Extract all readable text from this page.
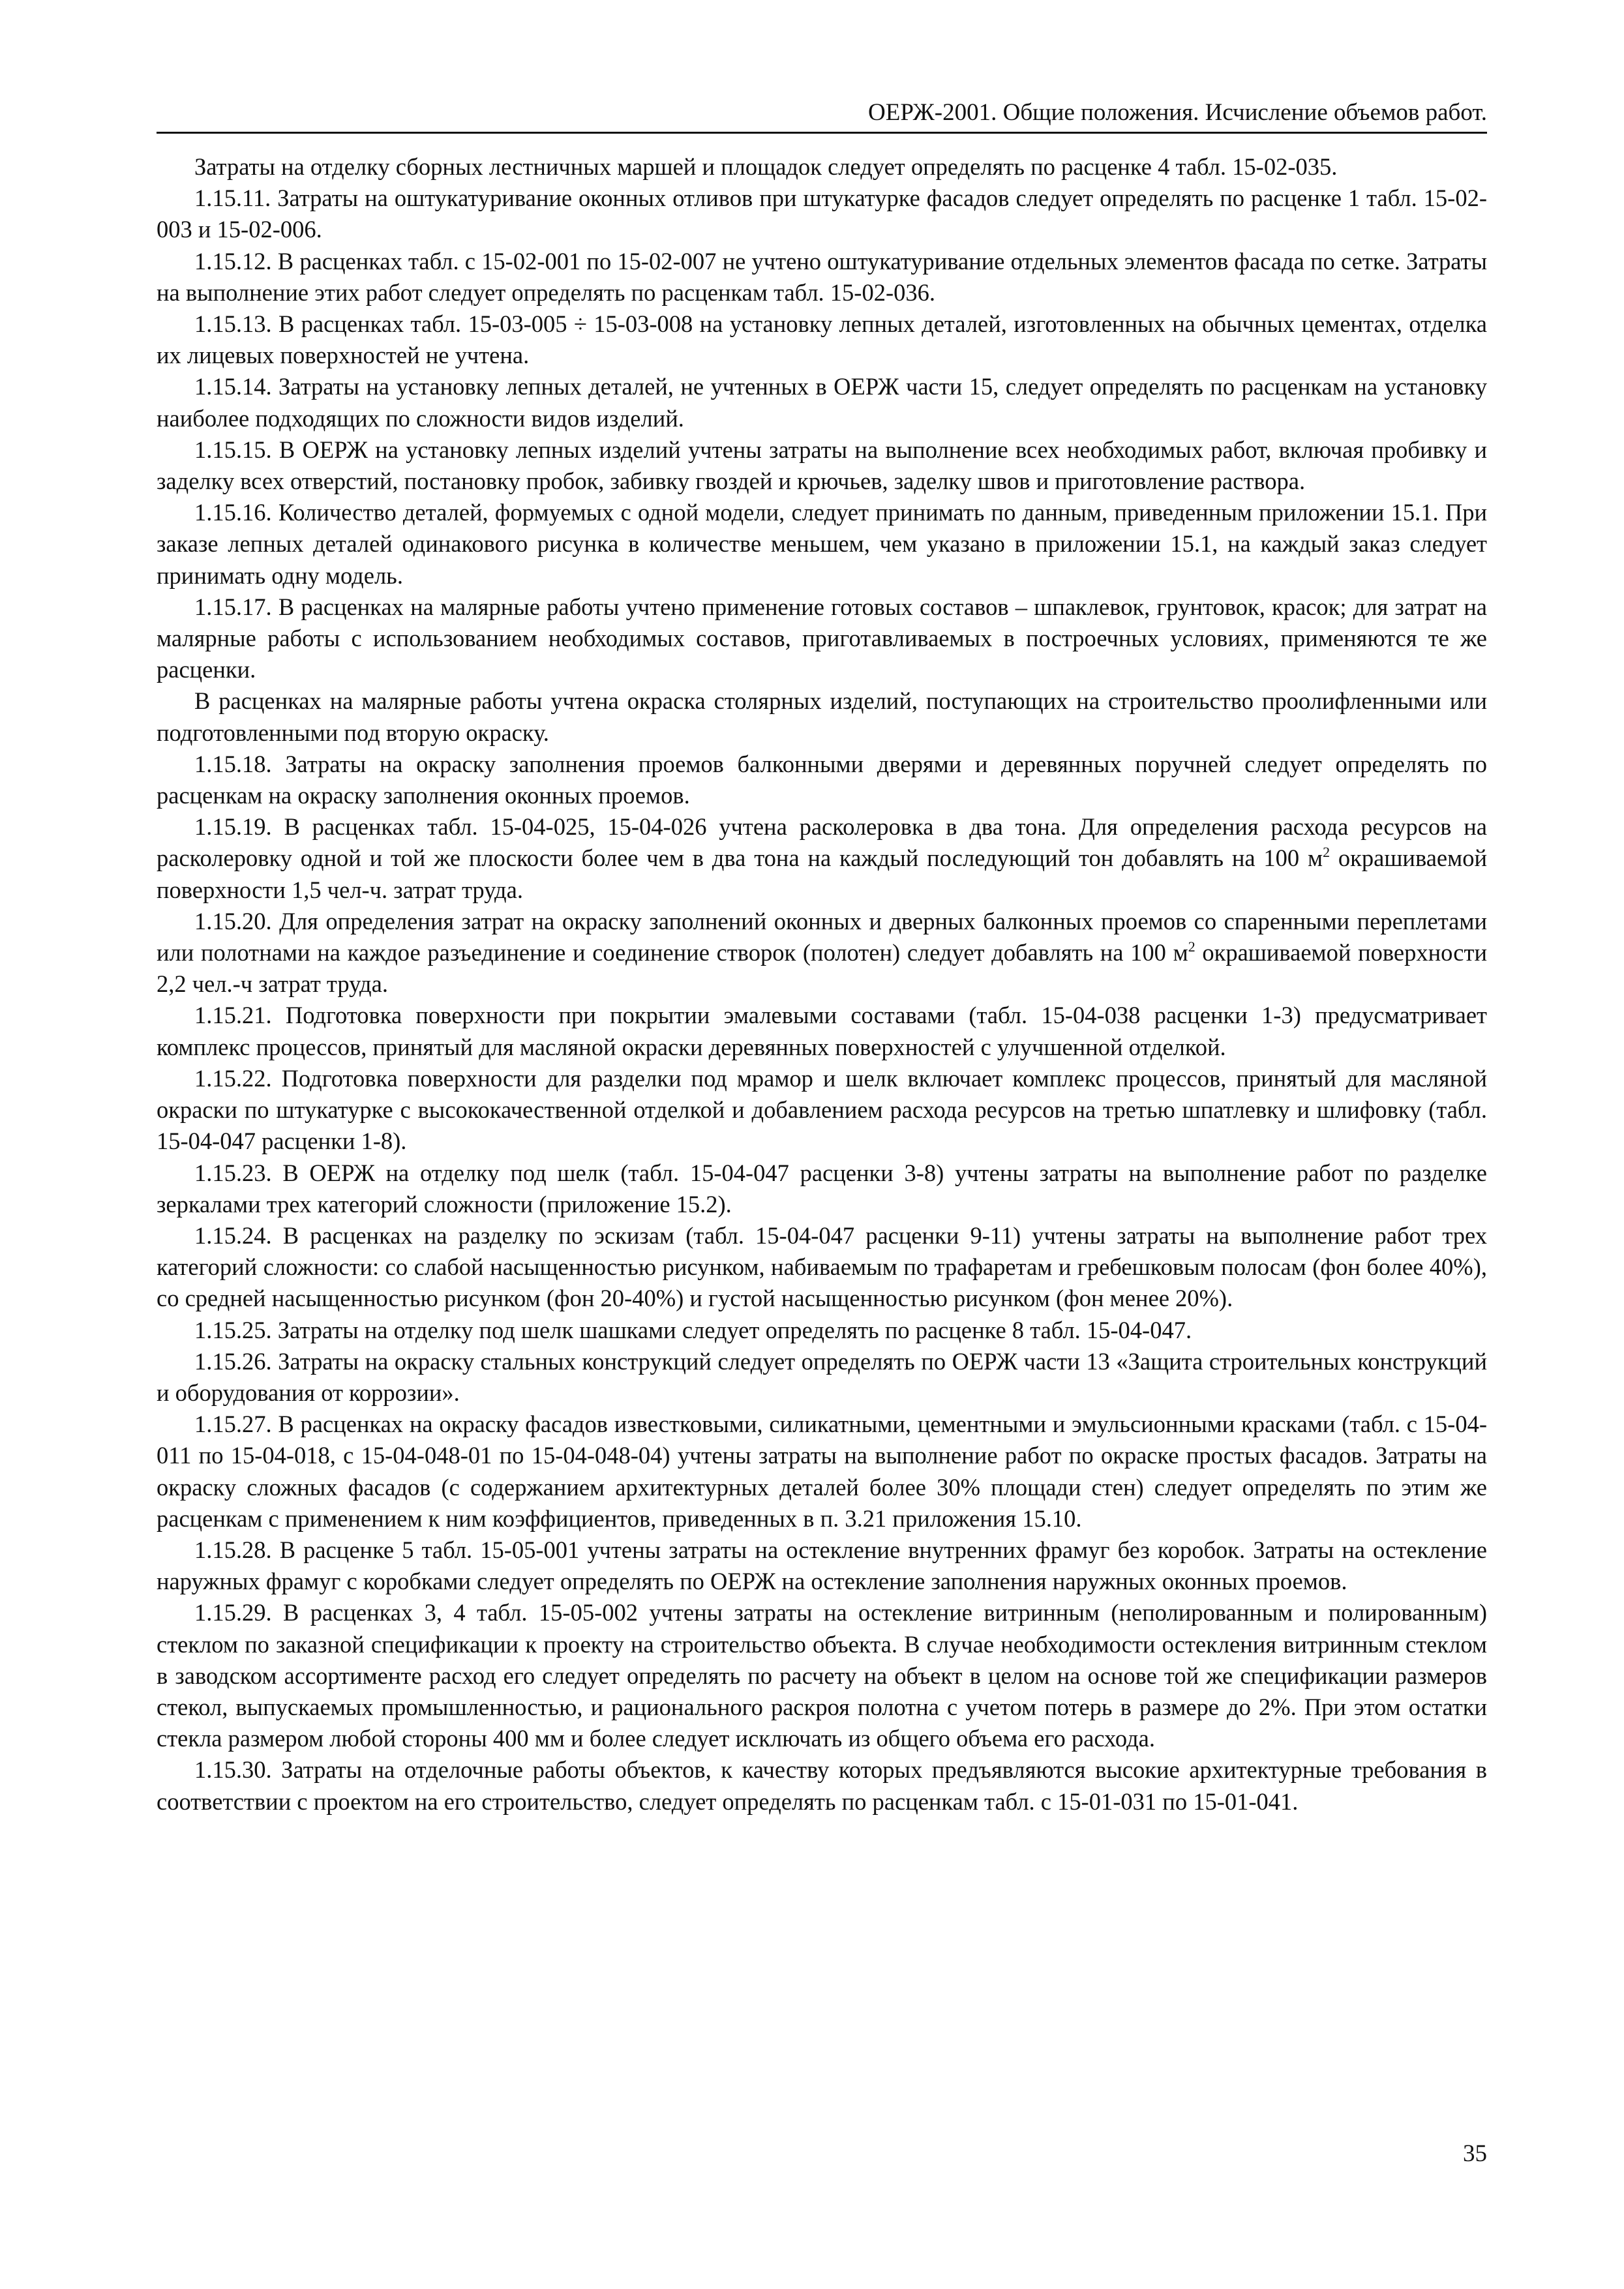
ОЕРЖ-2001. Общие положения. Исчисление объемов работ.

Затраты на отделку сборных лестничных маршей и площадок следует определять по расценке 4 табл. 15-02-035.

1.15.11. Затраты на оштукатуривание оконных отливов при штукатурке фасадов следует определять по расценке 1 табл. 15-02-003 и 15-02-006.

1.15.12. В расценках табл. с 15-02-001 по 15-02-007 не учтено оштукатуривание отдельных элементов фасада по сетке. Затраты на выполнение этих работ следует определять по расценкам табл. 15-02-036.

1.15.13. В расценках табл. 15-03-005 ÷ 15-03-008 на установку лепных деталей, изготовленных на обычных цементах, отделка их лицевых поверхностей не учтена.

1.15.14. Затраты на установку лепных деталей, не учтенных в ОЕРЖ части 15, следует определять по расценкам на установку наиболее подходящих по сложности видов изделий.

1.15.15. В ОЕРЖ на установку лепных изделий учтены затраты на выполнение всех необходимых работ, включая пробивку и заделку всех отверстий, постановку пробок, забивку гвоздей и крючьев, заделку швов и приготовление раствора.

1.15.16. Количество деталей, формуемых с одной модели, следует принимать по данным, приведенным приложении 15.1. При заказе лепных деталей одинакового рисунка в количестве меньшем, чем указано в приложении 15.1, на каждый заказ следует принимать одну модель.

1.15.17. В расценках на малярные работы учтено применение готовых составов – шпаклевок, грунтовок, красок; для затрат на малярные работы с использованием необходимых составов, приготавливаемых в построечных условиях, применяются те же расценки.

В расценках на малярные работы учтена окраска столярных изделий, поступающих на строительство проолифленными или подготовленными под вторую окраску.

1.15.18. Затраты на окраску заполнения проемов балконными дверями и деревянных поручней следует определять по расценкам на окраску заполнения оконных проемов.

1.15.19. В расценках табл. 15-04-025, 15-04-026 учтена расколеровка в два тона. Для определения расхода ресурсов на расколеровку одной и той же плоскости более чем в два тона на каждый последующий тон добавлять на 100 $м^2$ окрашиваемой поверхности 1,5 чел-ч. затрат труда.

1.15.20. Для определения затрат на окраску заполнений оконных и дверных балконных проемов со спаренными переплетами или полотнами на каждое разъединение и соединение створок (полотен) следует добавлять на 100 $м^2$ окрашиваемой поверхности 2,2 чел.-ч затрат труда.

1.15.21. Подготовка поверхности при покрытии эмалевыми составами (табл. 15-04-038 расценки 1-3) предусматривает комплекс процессов, принятый для масляной окраски деревянных поверхностей с улучшенной отделкой.

1.15.22. Подготовка поверхности для разделки под мрамор и шелк включает комплекс процессов, принятый для масляной окраски по штукатурке с высококачественной отделкой и добавлением расхода ресурсов на третью шпатлевку и шлифовку (табл. 15-04-047 расценки 1-8).

1.15.23. В ОЕРЖ на отделку под шелк (табл. 15-04-047 расценки 3-8) учтены затраты на выполнение работ по разделке зеркалами трех категорий сложности (приложение 15.2).

1.15.24. В расценках на разделку по эскизам (табл. 15-04-047 расценки 9-11) учтены затраты на выполнение работ трех категорий сложности: со слабой насыщенностью рисунком, набиваемым по трафаретам и гребешковым полосам (фон более 40%), со средней насыщенностью рисунком (фон 20-40%) и густой насыщенностью рисунком (фон менее 20%).

1.15.25. Затраты на отделку под шелк шашками следует определять по расценке 8 табл. 15-04-047.

1.15.26. Затраты на окраску стальных конструкций следует определять по ОЕРЖ части 13 «Защита строительных конструкций и оборудования от коррозии».

1.15.27. В расценках на окраску фасадов известковыми, силикатными, цементными и эмульсионными красками (табл. с 15-04-011 по 15-04-018, с 15-04-048-01 по 15-04-048-04) учтены затраты на выполнение работ по окраске простых фасадов. Затраты на окраску сложных фасадов (с содержанием архитектурных деталей более 30% площади стен) следует определять по этим же расценкам с применением к ним коэффициентов, приведенных в п. 3.21 приложения 15.10.

1.15.28. В расценке 5 табл. 15-05-001 учтены затраты на остекление внутренних фрамуг без коробок. Затраты на остекление наружных фрамуг с коробками следует определять по ОЕРЖ на остекление заполнения наружных оконных проемов.

1.15.29. В расценках 3, 4 табл. 15-05-002 учтены затраты на остекление витринным (неполированным и полированным) стеклом по заказной спецификации к проекту на строительство объекта. В случае необходимости остекления витринным стеклом в заводском ассортименте расход его следует определять по расчету на объект в целом на основе той же спецификации размеров стекол, выпускаемых промышленностью, и рационального раскроя полотна с учетом потерь в размере до 2%. При этом остатки стекла размером любой стороны 400 мм и более следует исключать из общего объема его расхода.

1.15.30. Затраты на отделочные работы объектов, к качеству которых предъявляются высокие архитектурные требования в соответствии с проектом на его строительство, следует определять по расценкам табл. с 15-01-031 по 15-01-041.

35
